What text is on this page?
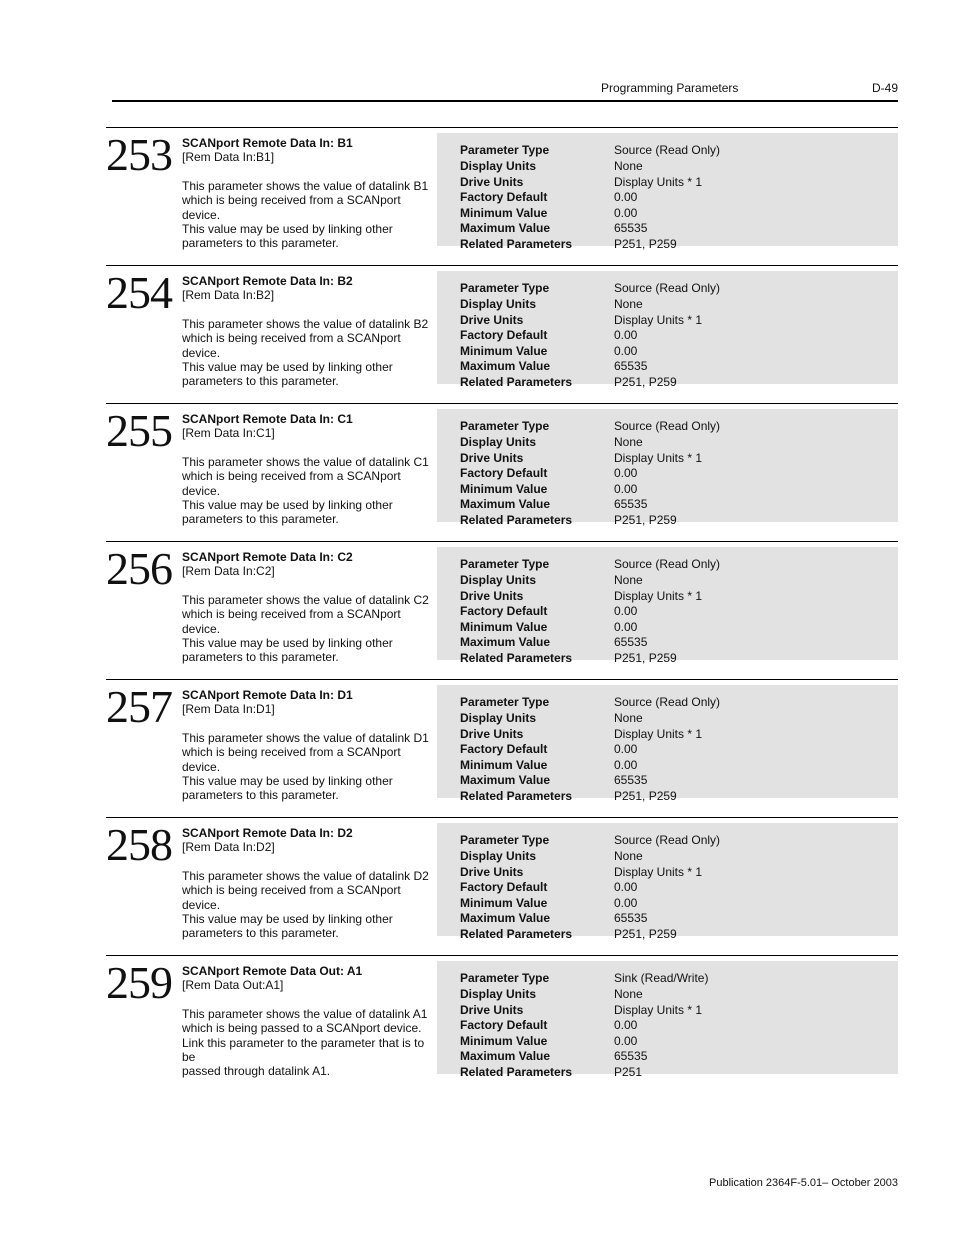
Programming Parameters	D-49
253 SCANport Remote Data In: B1
[Rem Data In:B1]
This parameter shows the value of datalink B1
which is being received from a SCANport device.
This value may be used by linking other
parameters to this parameter.
Parameter Type	Source (Read Only)
Display Units	None
Drive Units	Display Units * 1
Factory Default	0.00
Minimum Value	0.00
Maximum Value	65535
Related Parameters	P251, P259
254 SCANport Remote Data In: B2
[Rem Data In:B2]
This parameter shows the value of datalink B2
which is being received from a SCANport device.
This value may be used by linking other
parameters to this parameter.
Parameter Type	Source (Read Only)
Display Units	None
Drive Units	Display Units * 1
Factory Default	0.00
Minimum Value	0.00
Maximum Value	65535
Related Parameters	P251, P259
255 SCANport Remote Data In: C1
[Rem Data In:C1]
This parameter shows the value of datalink C1
which is being received from a SCANport device.
This value may be used by linking other
parameters to this parameter.
Parameter Type	Source (Read Only)
Display Units	None
Drive Units	Display Units * 1
Factory Default	0.00
Minimum Value	0.00
Maximum Value	65535
Related Parameters	P251, P259
256 SCANport Remote Data In: C2
[Rem Data In:C2]
This parameter shows the value of datalink C2
which is being received from a SCANport device.
This value may be used by linking other
parameters to this parameter.
Parameter Type	Source (Read Only)
Display Units	None
Drive Units	Display Units * 1
Factory Default	0.00
Minimum Value	0.00
Maximum Value	65535
Related Parameters	P251, P259
257 SCANport Remote Data In: D1
[Rem Data In:D1]
This parameter shows the value of datalink D1
which is being received from a SCANport device.
This value may be used by linking other
parameters to this parameter.
Parameter Type	Source (Read Only)
Display Units	None
Drive Units	Display Units * 1
Factory Default	0.00
Minimum Value	0.00
Maximum Value	65535
Related Parameters	P251, P259
258 SCANport Remote Data In: D2
[Rem Data In:D2]
This parameter shows the value of datalink D2
which is being received from a SCANport device.
This value may be used by linking other
parameters to this parameter.
Parameter Type	Source (Read Only)
Display Units	None
Drive Units	Display Units * 1
Factory Default	0.00
Minimum Value	0.00
Maximum Value	65535
Related Parameters	P251, P259
259 SCANport Remote Data Out: A1
[Rem Data Out:A1]
This parameter shows the value of datalink A1
which is being passed to a SCANport device.
Link this parameter to the parameter that is to be
passed through datalink A1.
Parameter Type	Sink (Read/Write)
Display Units	None
Drive Units	Display Units * 1
Factory Default	0.00
Minimum Value	0.00
Maximum Value	65535
Related Parameters	P251
Publication 2364F-5.01– October 2003
